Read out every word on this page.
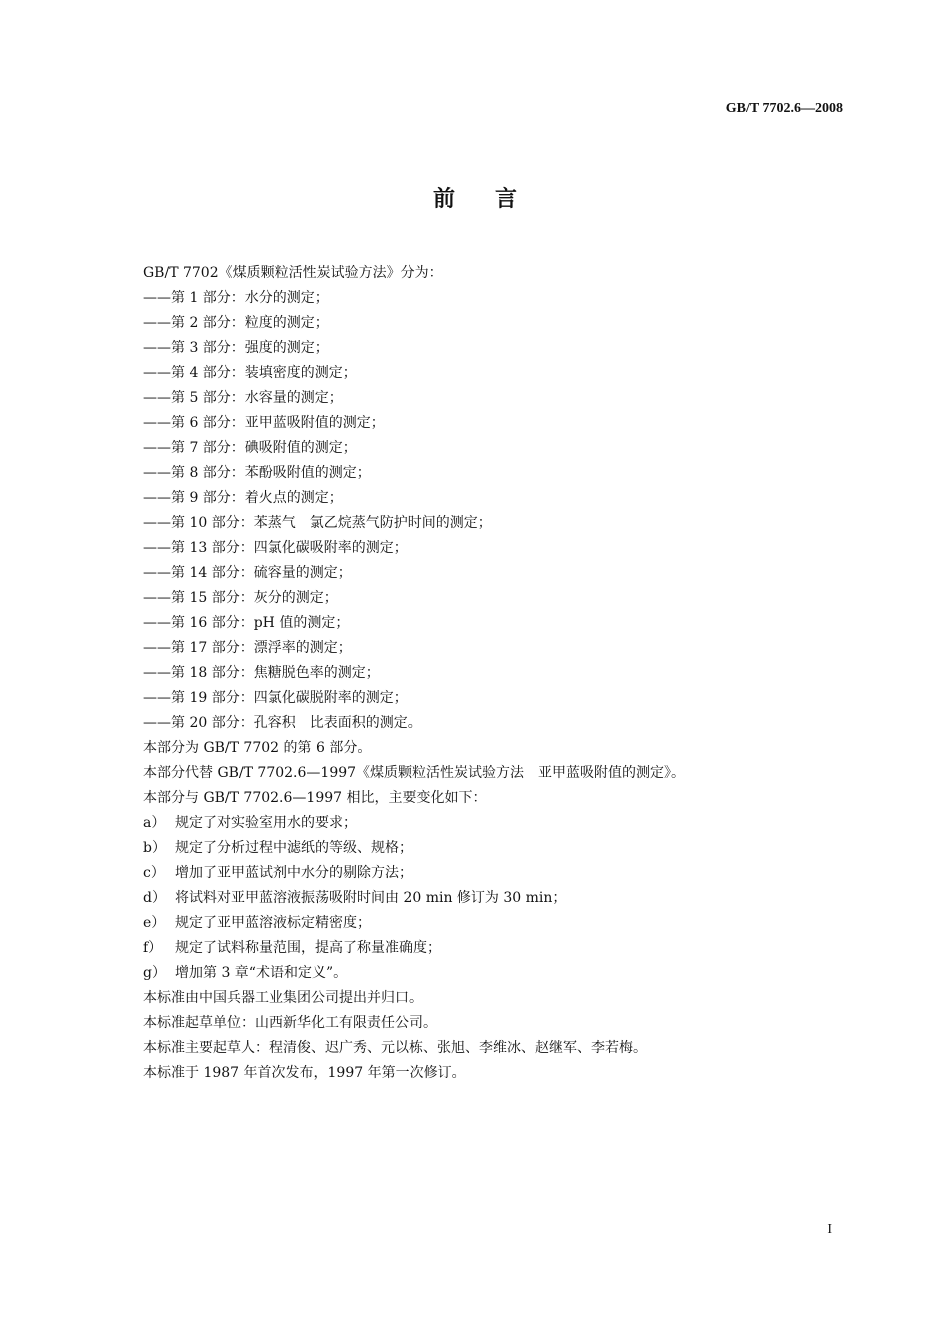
GB/T 7702.6—2008
前言
GB/T 7702《煤质颗粒活性炭试验方法》分为：
——第 1 部分：水分的测定；
——第 2 部分：粒度的测定；
——第 3 部分：强度的测定；
——第 4 部分：装填密度的测定；
——第 5 部分：水容量的测定；
——第 6 部分：亚甲蓝吸附值的测定；
——第 7 部分：碘吸附值的测定；
——第 8 部分：苯酚吸附值的测定；
——第 9 部分：着火点的测定；
——第 10 部分：苯蒸气　氯乙烷蒸气防护时间的测定；
——第 13 部分：四氯化碳吸附率的测定；
——第 14 部分：硫容量的测定；
——第 15 部分：灰分的测定；
——第 16 部分：pH 值的测定；
——第 17 部分：漂浮率的测定；
——第 18 部分：焦糖脱色率的测定；
——第 19 部分：四氯化碳脱附率的测定；
——第 20 部分：孔容积　比表面积的测定。
本部分为 GB/T 7702 的第 6 部分。
本部分代替 GB/T 7702.6—1997《煤质颗粒活性炭试验方法　亚甲蓝吸附值的测定》。
本部分与 GB/T 7702.6—1997 相比，主要变化如下：
a） 规定了对实验室用水的要求；
b） 规定了分析过程中滤纸的等级、规格；
c） 增加了亚甲蓝试剂中水分的剔除方法；
d） 将试料对亚甲蓝溶液振荡吸附时间由 20 min 修订为 30 min；
e） 规定了亚甲蓝溶液标定精密度；
f） 规定了试料称量范围，提高了称量准确度；
g） 增加第 3 章“术语和定义”。
本标准由中国兵器工业集团公司提出并归口。
本标准起草单位：山西新华化工有限责任公司。
本标准主要起草人：程清俊、迟广秀、元以栋、张旭、李维冰、赵继军、李若梅。
本标准于 1987 年首次发布，1997 年第一次修订。
I
